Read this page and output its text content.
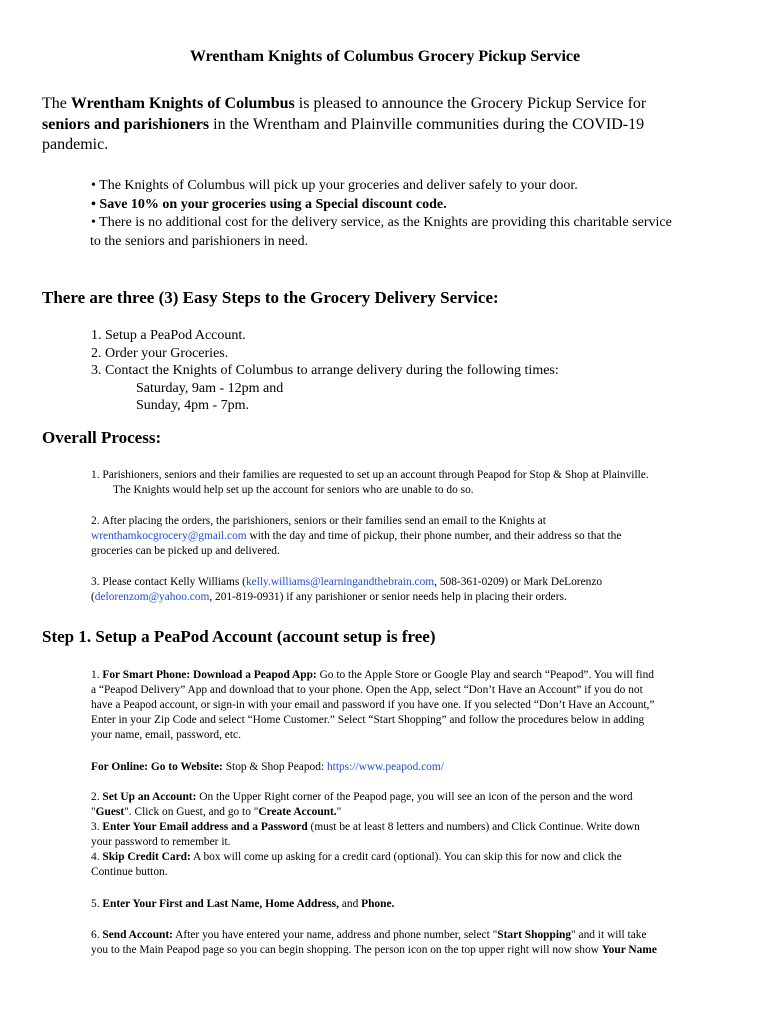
Wrentham Knights of Columbus Grocery Pickup Service
The Wrentham Knights of Columbus is pleased to announce the Grocery Pickup Service for
seniors and parishioners in the Wrentham and Plainville communities during the COVID-19
pandemic.
• The Knights of Columbus will pick up your groceries and deliver safely to your door.
• Save 10% on your groceries using a Special discount code.
• There is no additional cost for the delivery service, as the Knights are providing this charitable service
to the seniors and parishioners in need.
There are three (3) Easy Steps to the Grocery Delivery Service:
1. Setup a PeaPod Account.
2. Order your Groceries.
3. Contact the Knights of Columbus to arrange delivery during the following times:
Saturday, 9am - 12pm and
Sunday, 4pm - 7pm.
Overall Process:
1. Parishioners, seniors and their families are requested to set up an account through Peapod for Stop & Shop at Plainville.
The Knights would help set up the account for seniors who are unable to do so.
2. After placing the orders, the parishioners, seniors or their families send an email to the Knights at
wrenthamkocgrocery@gmail.com with the day and time of pickup, their phone number, and their address so that the
groceries can be picked up and delivered.
3. Please contact Kelly Williams (kelly.williams@learningandthebrain.com, 508-361-0209) or Mark DeLorenzo
(delorenzom@yahoo.com, 201-819-0931) if any parishioner or senior needs help in placing their orders.
Step 1. Setup a PeaPod Account (account setup is free)
1. For Smart Phone: Download a Peapod App: Go to the Apple Store or Google Play and search “Peapod”. You will find
a “Peapod Delivery” App and download that to your phone. Open the App, select “Don’t Have an Account” if you do not
have a Peapod account, or sign-in with your email and password if you have one. If you selected “Don’t Have an Account,”
Enter in your Zip Code and select “Home Customer.” Select “Start Shopping” and follow the procedures below in adding
your name, email, password, etc.
For Online: Go to Website: Stop & Shop Peapod: https://www.peapod.com/
2. Set Up an Account: On the Upper Right corner of the Peapod page, you will see an icon of the person and the word
"Guest". Click on Guest, and go to "Create Account."
3. Enter Your Email address and a Password (must be at least 8 letters and numbers) and Click Continue. Write down
your password to remember it.
4. Skip Credit Card: A box will come up asking for a credit card (optional). You can skip this for now and click the
Continue button.
5. Enter Your First and Last Name, Home Address, and Phone.
6. Send Account: After you have entered your name, address and phone number, select "Start Shopping" and it will take
you to the Main Peapod page so you can begin shopping. The person icon on the top upper right will now show Your Name
